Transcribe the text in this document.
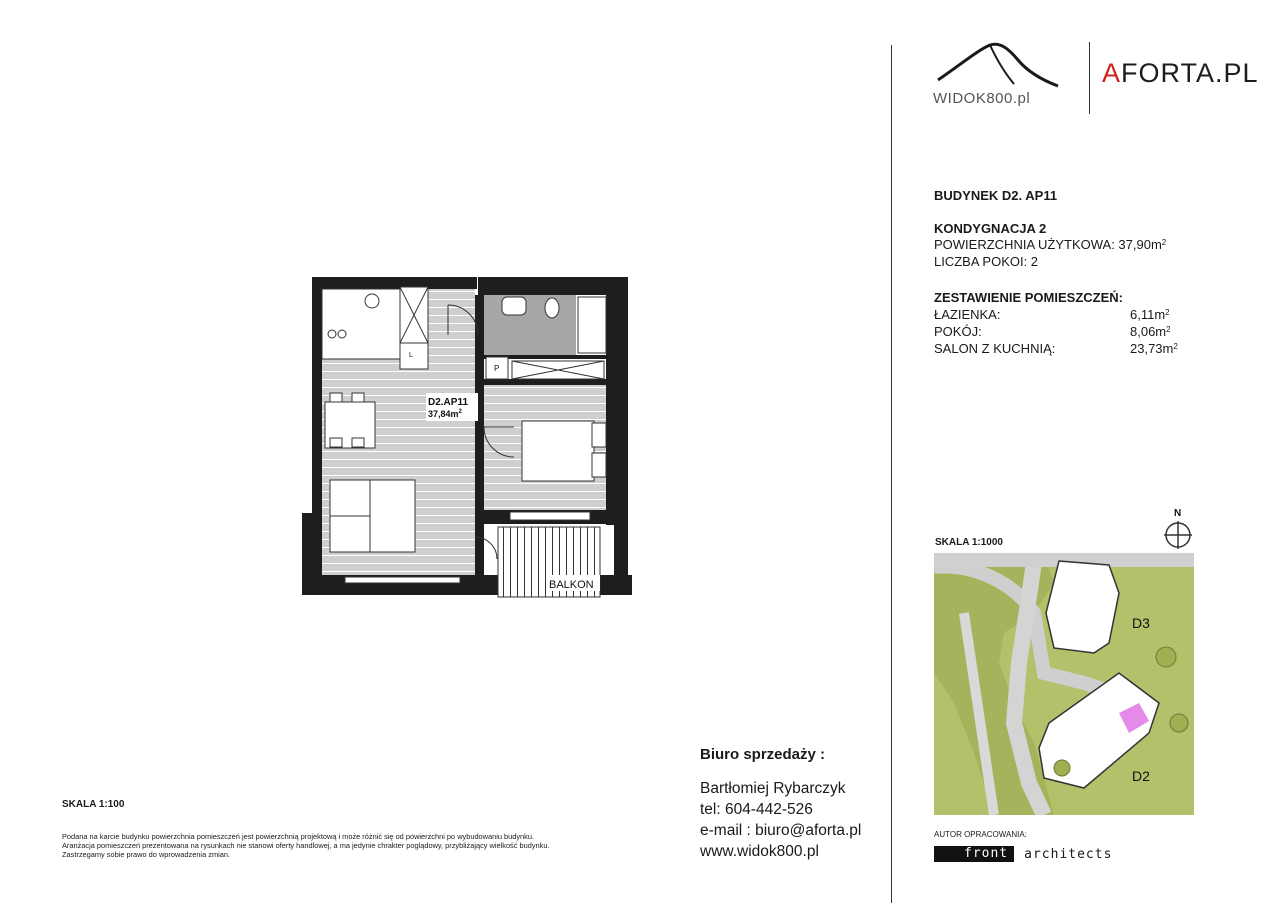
WIDOK800.pl
AFORTA.PL
BUDYNEK D2. AP11
KONDYGNACJA 2
POWIERZCHNIA UŻYTKOWA: $37,90m^2$
LICZBA POKOI: 2
ZESTAWIENIE POMIESZCZEŃ:
ŁAZIENKA:	$6,11m^2$
POKÓJ:	$8,06m^2$
SALON Z KUCHNIĄ:	$23,73m^2$
D2.AP11
$37,84m^2$
BALKON
L
P
SKALA 1:1000
N
D3
D2
SKALA 1:100
Podana na karcie budynku powierzchnia pomieszczeń jest powierzchnią projektową i może różnić się od powierzchni po wybudowaniu budynku.
Aranżacja pomieszczeń prezentowana na rysunkach nie stanowi oferty handlowej, a ma jedynie chrakter poglądowy, przybliżający wielkość budynku.
Zastrzegamy sobie prawo do wprowadzenia zmian.
Biuro sprzedaży :
Bartłomiej Rybarczyk
tel: 604-442-526
e-mail : biuro@aforta.pl
www.widok800.pl
AUTOR OPRACOWANIA:
front	architects
